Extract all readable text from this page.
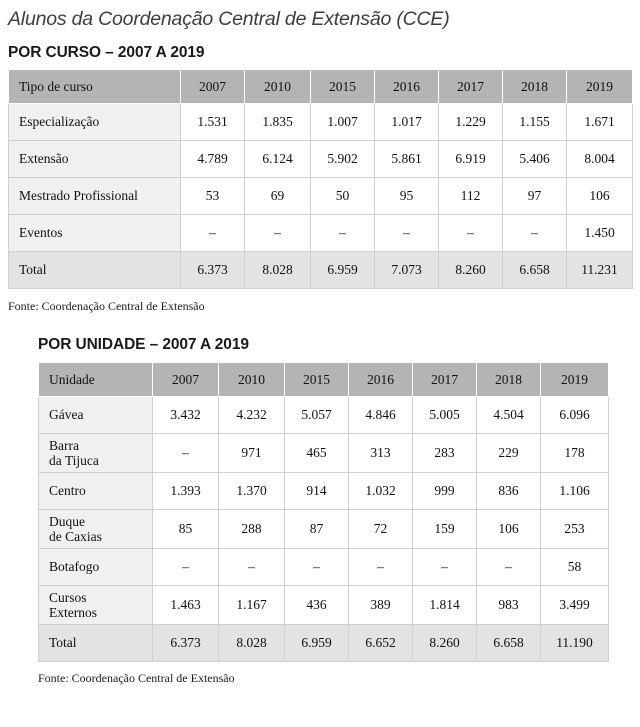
Alunos da Coordenação Central de Extensão (CCE)
POR CURSO – 2007 A 2019
Tipo de curso	2007	2010	2015	2016	2017	2018	2019
Especialização	1.531	1.835	1.007	1.017	1.229	1.155	1.671
Extensão	4.789	6.124	5.902	5.861	6.919	5.406	8.004
Mestrado Profissional	53	69	50	95	112	97	106
Eventos	–	–	–	–	–	–	1.450
Total	6.373	8.028	6.959	7.073	8.260	6.658	11.231
Fonte: Coordenação Central de Extensão
POR UNIDADE – 2007 A 2019
Unidade	2007	2010	2015	2016	2017	2018	2019
Gávea	3.432	4.232	5.057	4.846	5.005	4.504	6.096

Barra
da Tijuca	–	971	465	313	283	229	178
Centro	1.393	1.370	914	1.032	999	836	1.106

Duque
de Caxias	85	288	87	72	159	106	253
Botafogo	–	–	–	–	–	–	58

Cursos
Externos	1.463	1.167	436	389	1.814	983	3.499
Total	6.373	8.028	6.959	6.652	8.260	6.658	11.190
Fonte: Coordenação Central de Extensão
